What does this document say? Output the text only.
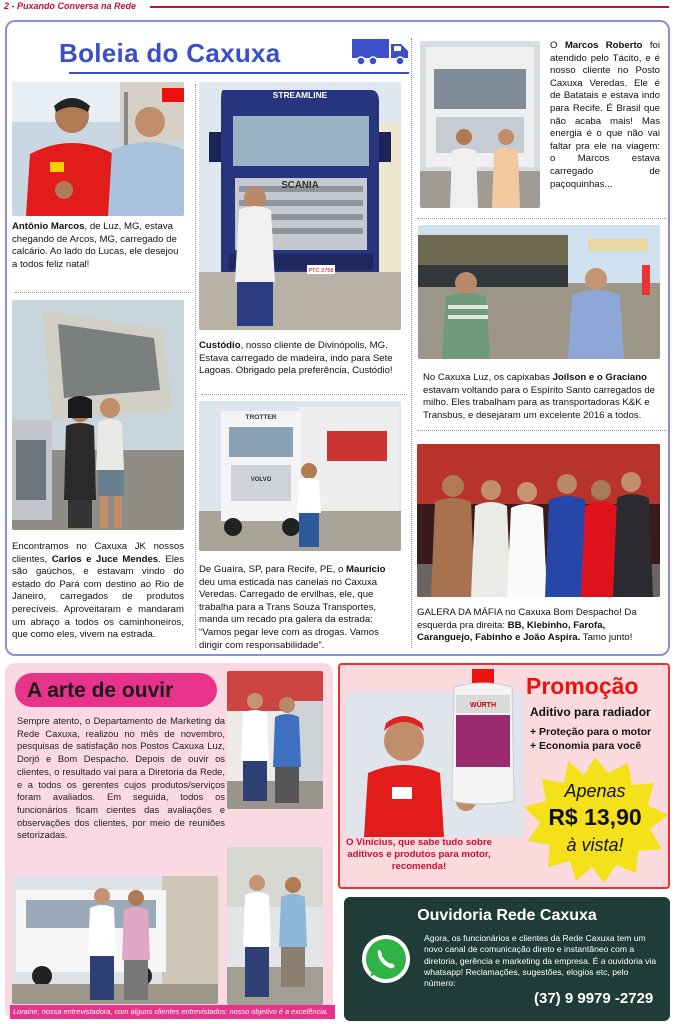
2 - Puxando Conversa na Rede
Boleia do Caxuxa
Antônio Marcos, de Luz, MG, estava chegando de Arcos, MG, carregado de calcário. Ao lado do Lucas, ele desejou a todos feliz natal!
STREAMLINE
SCANIA
PTC 2768
Custódio, nosso cliente de Divinópolis, MG. Estava carregado de madeira, indo para Sete Lagoas. Obrigado pela preferência, Custódio!
O Marcos Roberto foi atendido pelo Tácito, e é nosso cliente no Posto Caxuxa Veredas. Ele é de Batatais e estava indo para Recife. É Brasil que não acaba mais! Mas energia é o que não vai faltar pra ele na viagem: o Marcos estava carregado de paçoquinhas...
No Caxuxa Luz, os capixabas Joílson e o Graciano estavam voltando para o Espírito Santo carregados de milho. Eles trabalham para as transportadoras K&K e Transbus, e desejaram um excelente 2016 a todos.
Encontramos no Caxuxa JK nossos clientes, Carlos e Juce Mendes. Eles são gaúchos, e estavam vindo do estado do Pará com destino ao Rio de Janeiro, carregados de produtos perecíveis. Aproveitaram e mandaram um abraço a todos os caminhoneiros, que como eles, vivem na estrada.
TROTTER
VOLVO
De Guaíra, SP, para Recife, PE, o Maurício deu uma esticada nas canelas no Caxuxa Veredas. Carregado de ervilhas, ele, que trabalha para a Trans Souza Transportes, manda um recado pra galera da estrada: “Vamos pegar leve com as drogas. Vamos dirigir com responsabilidade”.
GALERA DA MÁFIA no Caxuxa Bom Despacho! Da esquerda pra direita: BB, Klebinho, Farofa, Caranguejo, Fabinho e João Aspira. Tamo junto!
A arte de ouvir
Sempre atento, o Departamento de Marketing da Rede Caxuxa, realizou no mês de novembro, pesquisas de satisfação nos Postos Caxuxa Luz, Dorjó e Bom Despacho. Depois de ouvir os clientes, o resultado vai para a Diretoria da Rede, e a todos os gerentes cujos produtos/serviços foram avaliados. Em seguida, todos os funcionários ficam cientes das avaliações e observações dos clientes, por meio de reuniões setorizadas.
Loraine, nossa entrevistadora, com alguns clientes entrevistados: nosso objetivo é a excelência.
WÜRTH
Promoção
Aditivo para radiador
+ Proteção para o motor
+ Economia para você
Apenas
R$ 13,90
à vista!
O Vinícius, que sabe tudo sobre aditivos e produtos para motor, recomenda!
Ouvidoria Rede Caxuxa
Agora, os funcionários e clientes da Rede Caxuxa tem um novo canal de comunicação direto e instantâneo com a diretoria, gerência e marketing da empresa. É a ouvidoria via whatsapp! Reclamações, sugestões, elogios etc, pelo número:
(37) 9 9979 -2729
